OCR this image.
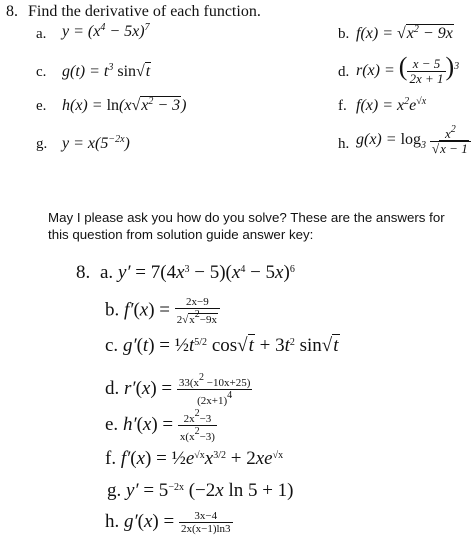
8. Find the derivative of each function.
a. $y = (x^4 - 5x)^7$	b. $f(x) = √x^2 - 9x$
c. $g(t) = t^3$ sin√t	d. r(x) = ( $\frac{x - 5}{2x + 1} )^3$
e. $h(x) = \ln(x√x^2 - 3)$	f. $f(x) = x^2e^{√x}$
g. $y = x(5^{-2x})$	h. $g(x) = \log_3 \frac{x^2}{√x - 1}$
May I please ask you how do you solve? These are the answers for this question from solution guide answer key:
8. a. $y' = 7(4x^3 - 5)(x^4 - 5x)^6$
b. $f'(x) = \frac{2x-9}{2√x^2-9x}$
c. $g'(t) = \frac{1}{2}t^{5/2}$ $\cos√t + 3t^2$ sin√t
d. $r'(x) = \frac{33(x^2 -10x+25)}{(2x+1)^4}$
e. $h'(x) = \frac{2x^2-3}{x(x^2-3)}$
f. $f'(x) = \frac{1}{2}e^{√x}x^{3/2} + 2xe^{√x}$
g. $y' = 5^{-2x}$ (−2x ln 5 + 1)
h. $g'(x) = \frac{3x-4}{2x(x-1)\ln 3}$
